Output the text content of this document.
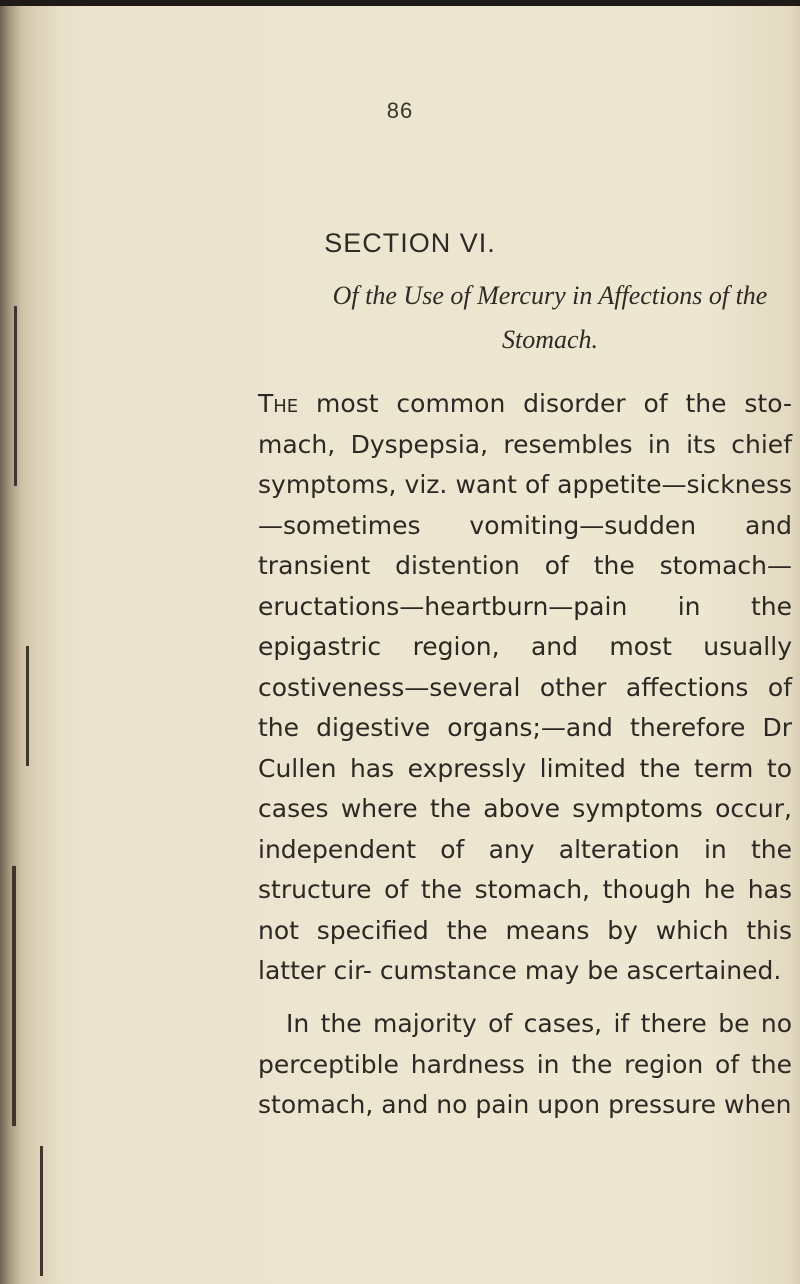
86
SECTION VI.
Of the Use of Mercury in Affections of the Stomach.

The most common disorder of the sto- mach, Dyspepsia, resembles in its chief symptoms, viz. want of appetite—sickness—sometimes vomiting—sudden and transient distention of the stomach—eructations—heartburn—pain in the epigastric region, and most usually costiveness—several other affections of the digestive organs;—and therefore Dr Cullen has expressly limited the term to cases where the above symptoms occur, independent of any alteration in the structure of the stomach, though he has not specified the means by which this latter cir- cumstance may be ascertained.

In the majority of cases, if there be no perceptible hardness in the region of the stomach, and no pain upon pressure when
